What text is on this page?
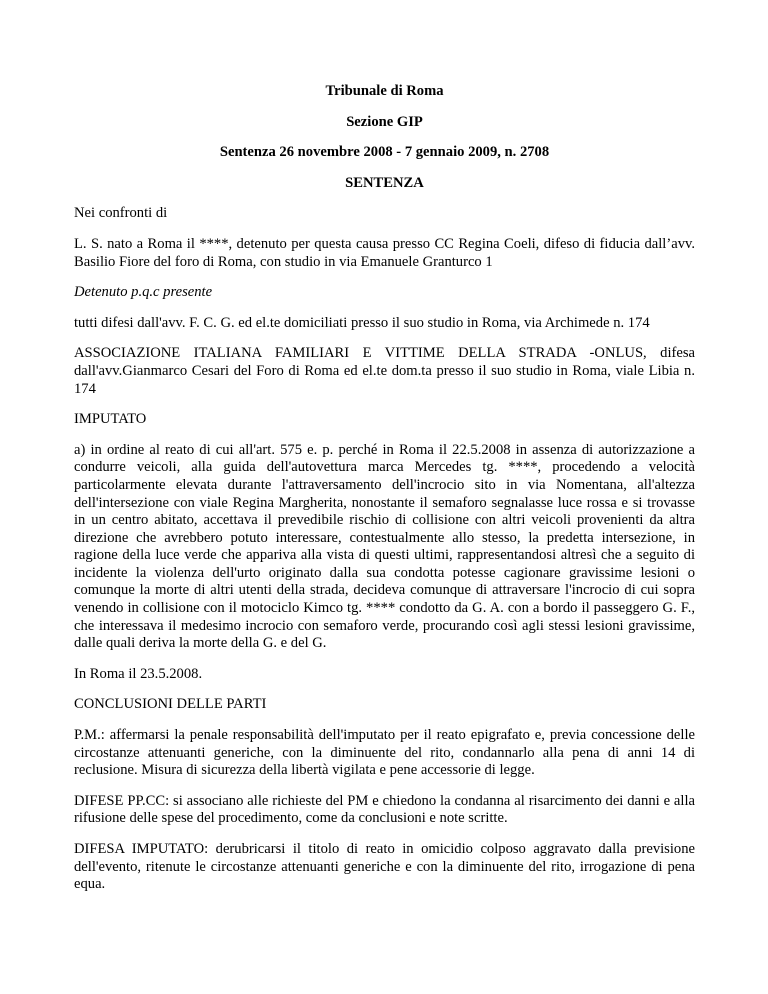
Tribunale di Roma

Sezione GIP

Sentenza 26 novembre 2008 - 7 gennaio 2009, n. 2708

SENTENZA

Nei confronti di

L. S. nato a Roma il ****, detenuto per questa causa presso CC Regina Coeli, difeso di fiducia dall’avv. Basilio Fiore del foro di Roma, con studio in via Emanuele Granturco 1

Detenuto p.q.c presente

tutti difesi dall'avv. F. C. G. ed el.te domiciliati presso il suo studio in Roma, via Archimede n. 174

ASSOCIAZIONE ITALIANA FAMILIARI E VITTIME DELLA STRADA -ONLUS, difesa dall'avv.Gianmarco Cesari del Foro di Roma ed el.te dom.ta presso il suo studio in Roma, viale Libia n. 174

IMPUTATO

a) in ordine al reato di cui all'art. 575 e. p. perché in Roma il 22.5.2008 in assenza di autorizzazione a condurre veicoli, alla guida dell'autovettura marca Mercedes tg. ****, procedendo a velocità particolarmente elevata durante l'attraversamento dell'incrocio sito in via Nomentana, all'altezza dell'intersezione con viale Regina Margherita, nonostante il semaforo segnalasse luce rossa e si trovasse in un centro abitato, accettava il prevedibile rischio di collisione con altri veicoli provenienti da altra direzione che avrebbero potuto interessare, contestualmente allo stesso, la predetta intersezione, in ragione della luce verde che appariva alla vista di questi ultimi, rappresentandosi altresì che a seguito di incidente la violenza dell'urto originato dalla sua condotta potesse cagionare gravissime lesioni o comunque la morte di altri utenti della strada, decideva comunque di attraversare l'incrocio di cui sopra venendo in collisione con il motociclo Kimco tg. **** condotto da G. A. con a bordo il passeggero G. F., che interessava il medesimo incrocio con semaforo verde, procurando così agli stessi lesioni gravissime, dalle quali deriva la morte della G. e del G.

In Roma il 23.5.2008.

CONCLUSIONI DELLE PARTI

P.M.: affermarsi la penale responsabilità dell'imputato per il reato epigrafato e, previa concessione delle circostanze attenuanti generiche, con la diminuente del rito, condannarlo alla pena di anni 14 di reclusione. Misura di sicurezza della libertà vigilata e pene accessorie di legge.

DIFESE PP.CC: si associano alle richieste del PM e chiedono la condanna al risarcimento dei danni e alla rifusione delle spese del procedimento, come da conclusioni e note scritte.

DIFESA IMPUTATO: derubricarsi il titolo di reato in omicidio colposo aggravato dalla previsione dell'evento, ritenute le circostanze attenuanti generiche e con la diminuente del rito, irrogazione di pena equa.
